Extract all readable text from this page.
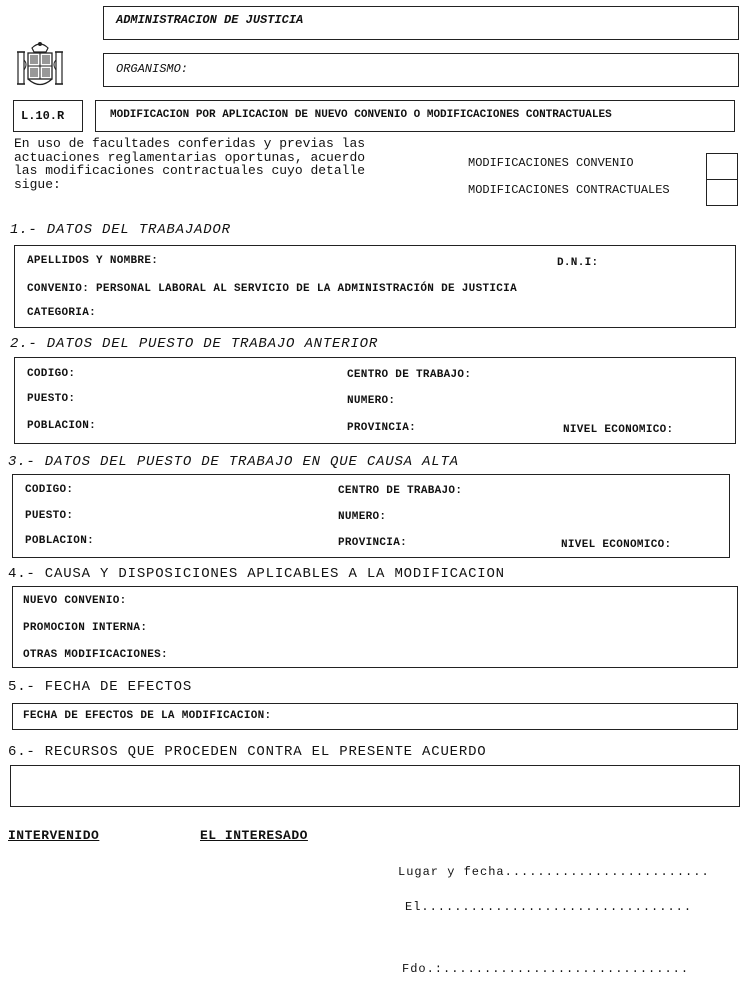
ADMINISTRACION DE JUSTICIA
ORGANISMO:
L.10.R	MODIFICACION POR APLICACION DE NUEVO CONVENIO O MODIFICACIONES CONTRACTUALES
En uso de facultades conferidas y previas las
actuaciones reglamentarias oportunas, acuerdo
las modificaciones contractuales cuyo detalle
sigue:
MODIFICACIONES CONVENIO
MODIFICACIONES CONTRACTUALES
1.- DATOS DEL TRABAJADOR
APELLIDOS Y NOMBRE:	D.N.I:
CONVENIO: PERSONAL LABORAL AL SERVICIO DE LA ADMINISTRACIÓN DE JUSTICIA
CATEGORIA:
2.- DATOS DEL PUESTO DE TRABAJO ANTERIOR
CODIGO:	CENTRO DE TRABAJO:
PUESTO:	NUMERO:
POBLACION:	PROVINCIA:	NIVEL ECONOMICO:
3.- DATOS DEL PUESTO DE TRABAJO EN QUE CAUSA ALTA
CODIGO:	CENTRO DE TRABAJO:
PUESTO:	NUMERO:
POBLACION:	PROVINCIA:	NIVEL ECONOMICO:
4.- CAUSA Y DISPOSICIONES APLICABLES A LA MODIFICACION
NUEVO CONVENIO:
PROMOCION INTERNA:
OTRAS MODIFICACIONES:
5.- FECHA DE EFECTOS
FECHA DE EFECTOS DE LA MODIFICACION:
6.- RECURSOS QUE PROCEDEN CONTRA EL PRESENTE ACUERDO
INTERVENIDO	EL INTERESADO
Lugar y fecha.........................
El.................................
Fdo.:..............................
